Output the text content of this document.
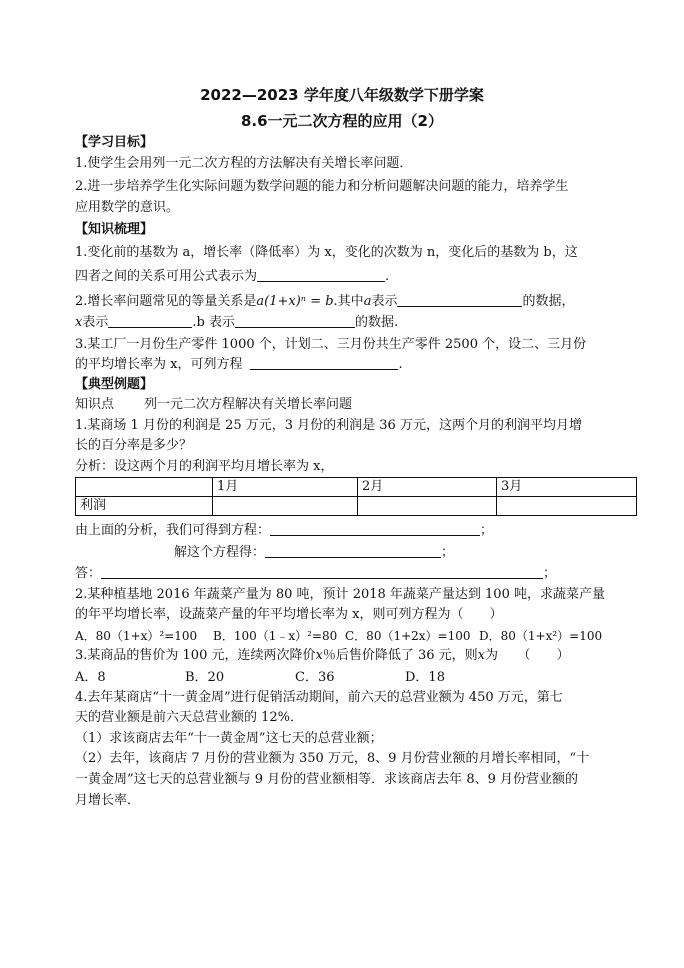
2022—2023 学年度八年级数学下册学案
8.6一元二次方程的应用（2）
【学习目标】
1.使学生会用列一元二次方程的方法解决有关增长率问题．
2.进一步培养学生化实际问题为数学问题的能力和分析问题解决问题的能力，培养学生
应用数学的意识。
【知识梳理】
1.变化前的基数为 a，增长率（降低率）为 x，变化的次数为 n，变化后的基数为 b，这
四者之间的关系可用公式表示为	.
2.增长率问题常见的等量关系是a(1+x)ⁿ = b.其中a表示	的数据，
x表示	.b 表示	的数据.
3.某工厂一月份生产零件 1000 个，计划二、三月份共生产零件 2500 个，设二、三月份
的平均增长率为 x，可列方程	.
【典型例题】
知识点 列一元二次方程解决有关增长率问题
1.某商场 1 月份的利润是 25 万元，3 月份的利润是 36 万元，这两个月的利润平均月增
长的百分率是多少？
分析：设这两个月的利润平均月增长率为 x，
	1月	2月	3月
利润			
由上面的分析，我们可得到方程：	；
解这个方程得：	；
答：	；
2.某种植基地 2016 年蔬菜产量为 80 吨，预计 2018 年蔬菜产量达到 100 吨，求蔬菜产量
的年平均增长率，设蔬菜产量的年平均增长率为 x，则可列方程为（　　）
A．80（1+x）²=100 B．100（1﹣x）²=80 C．80（1+2x）=100 D．80（1+x²）=100
3.某商品的售价为 100 元，连续两次降价x％后售价降低了 36 元，则x为　　（　　）
A．8	B．20	C．36	D．18
4.去年某商店“十一黄金周”进行促销活动期间，前六天的总营业额为 450 万元，第七
天的营业额是前六天总营业额的 12%．
（1）求该商店去年“十一黄金周”这七天的总营业额；
（2）去年，该商店 7 月份的营业额为 350 万元，8、9 月份营业额的月增长率相同，“十
一黄金周”这七天的总营业额与 9 月份的营业额相等．求该商店去年 8、9 月份营业额的
月增长率．
